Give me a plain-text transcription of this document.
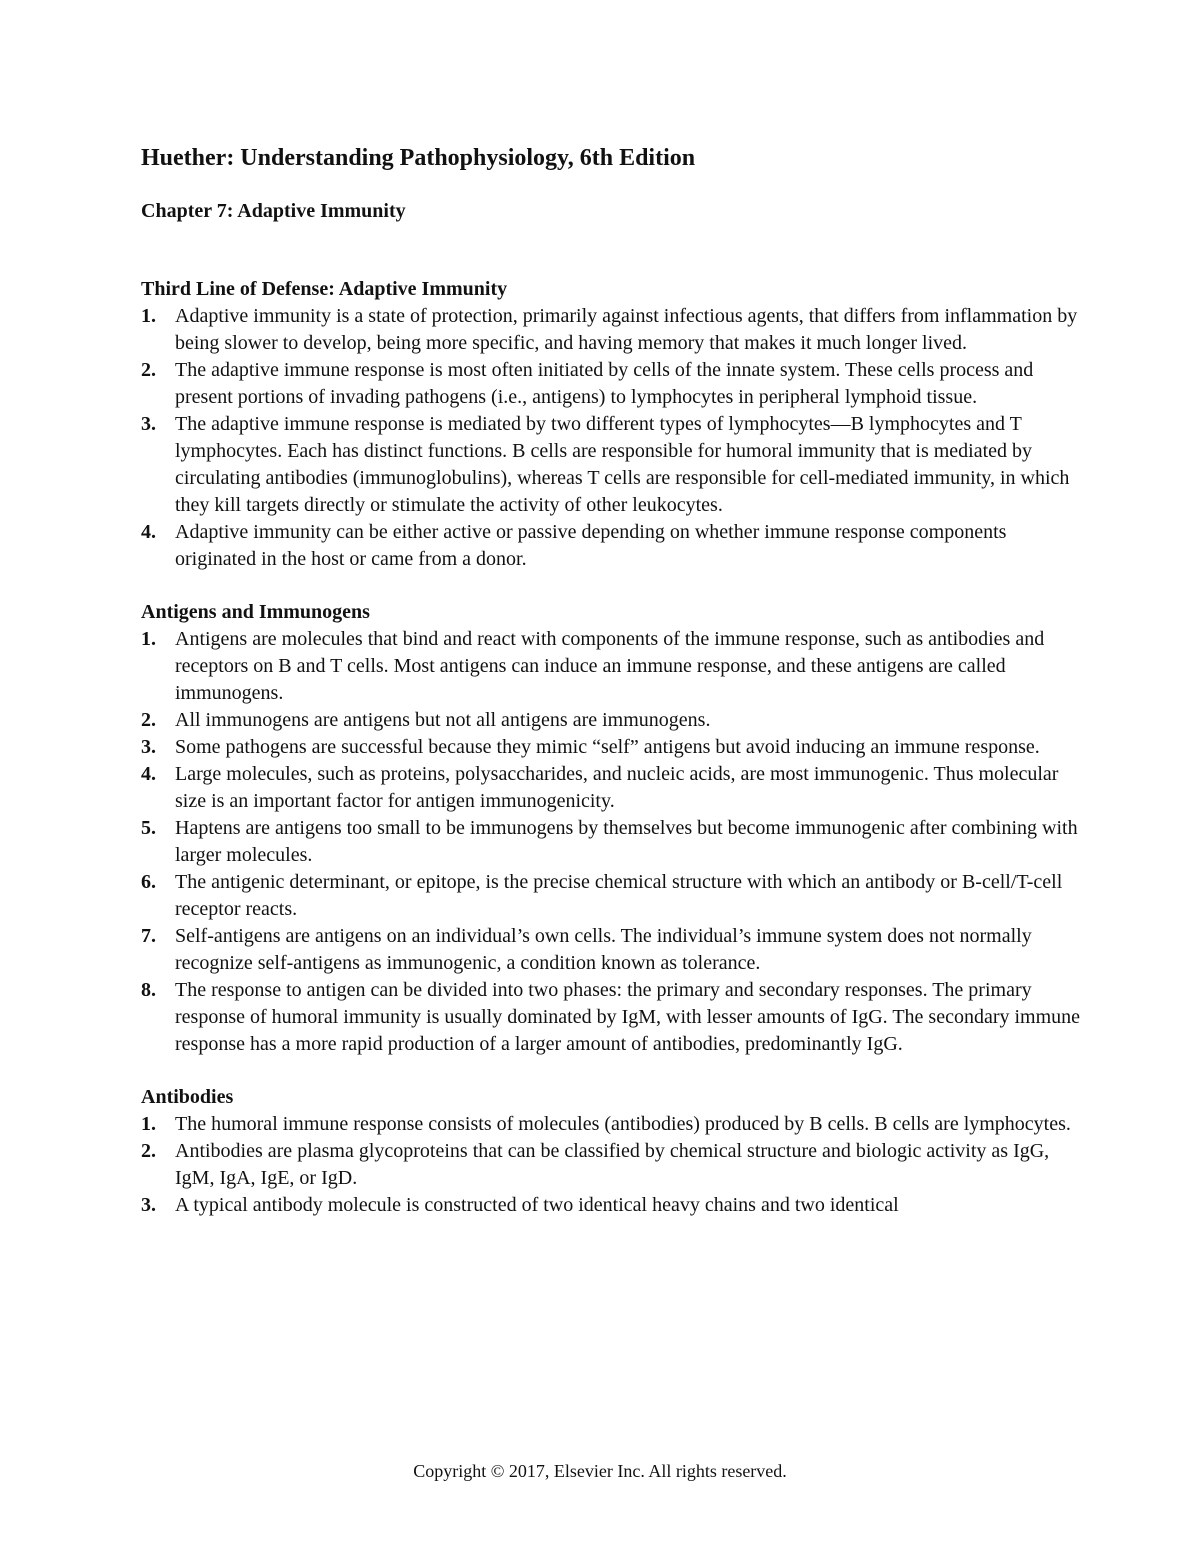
Huether: Understanding Pathophysiology, 6th Edition
Chapter 7: Adaptive Immunity
Third Line of Defense: Adaptive Immunity
1. Adaptive immunity is a state of protection, primarily against infectious agents, that differs from inflammation by being slower to develop, being more specific, and having memory that makes it much longer lived.
2. The adaptive immune response is most often initiated by cells of the innate system. These cells process and present portions of invading pathogens (i.e., antigens) to lymphocytes in peripheral lymphoid tissue.
3. The adaptive immune response is mediated by two different types of lymphocytes—B lymphocytes and T lymphocytes. Each has distinct functions. B cells are responsible for humoral immunity that is mediated by circulating antibodies (immunoglobulins), whereas T cells are responsible for cell-mediated immunity, in which they kill targets directly or stimulate the activity of other leukocytes.
4. Adaptive immunity can be either active or passive depending on whether immune response components originated in the host or came from a donor.
Antigens and Immunogens
1. Antigens are molecules that bind and react with components of the immune response, such as antibodies and receptors on B and T cells. Most antigens can induce an immune response, and these antigens are called immunogens.
2. All immunogens are antigens but not all antigens are immunogens.
3. Some pathogens are successful because they mimic “self” antigens but avoid inducing an immune response.
4. Large molecules, such as proteins, polysaccharides, and nucleic acids, are most immunogenic. Thus molecular size is an important factor for antigen immunogenicity.
5. Haptens are antigens too small to be immunogens by themselves but become immunogenic after combining with larger molecules.
6. The antigenic determinant, or epitope, is the precise chemical structure with which an antibody or B-cell/T-cell receptor reacts.
7. Self-antigens are antigens on an individual’s own cells. The individual’s immune system does not normally recognize self-antigens as immunogenic, a condition known as tolerance.
8. The response to antigen can be divided into two phases: the primary and secondary responses. The primary response of humoral immunity is usually dominated by IgM, with lesser amounts of IgG. The secondary immune response has a more rapid production of a larger amount of antibodies, predominantly IgG.
Antibodies
1. The humoral immune response consists of molecules (antibodies) produced by B cells. B cells are lymphocytes.
2. Antibodies are plasma glycoproteins that can be classified by chemical structure and biologic activity as IgG, IgM, IgA, IgE, or IgD.
3. A typical antibody molecule is constructed of two identical heavy chains and two identical
Copyright © 2017, Elsevier Inc. All rights reserved.
